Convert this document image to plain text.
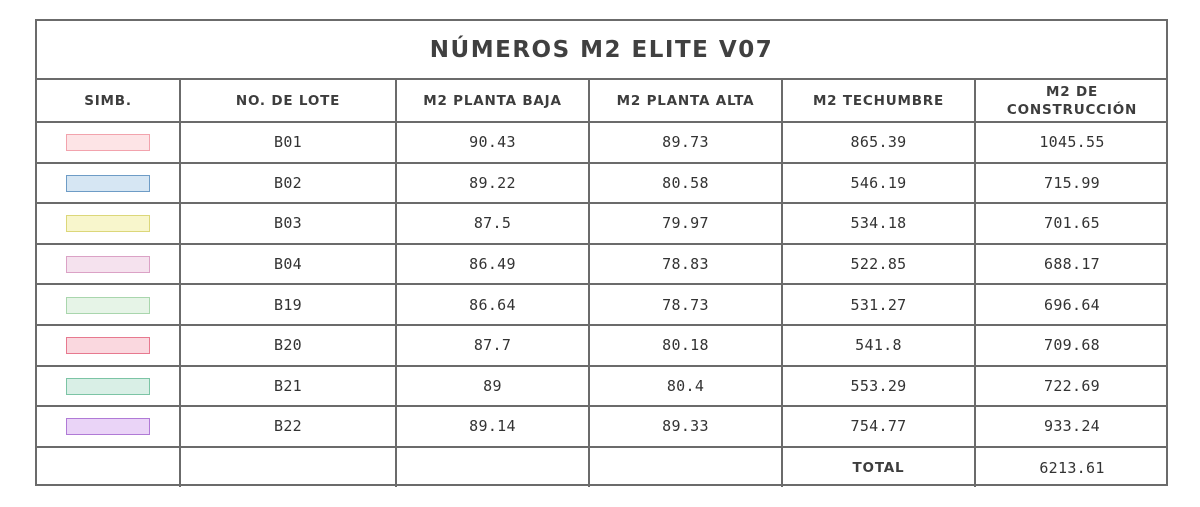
NÚMEROS M2 ELITE V07
SIMB.	NO. DE LOTE	M2 PLANTA BAJA	M2 PLANTA ALTA	M2 TECHUMBRE	M2 DE
CONSTRUCCIÓN
	B01	90.43	89.73	865.39	1045.55
	B02	89.22	80.58	546.19	715.99
	B03	87.5	79.97	534.18	701.65
	B04	86.49	78.83	522.85	688.17
	B19	86.64	78.73	531.27	696.64
	B20	87.7	80.18	541.8	709.68
	B21	89	80.4	553.29	722.69
	B22	89.14	89.33	754.77	933.24
				TOTAL	6213.61
